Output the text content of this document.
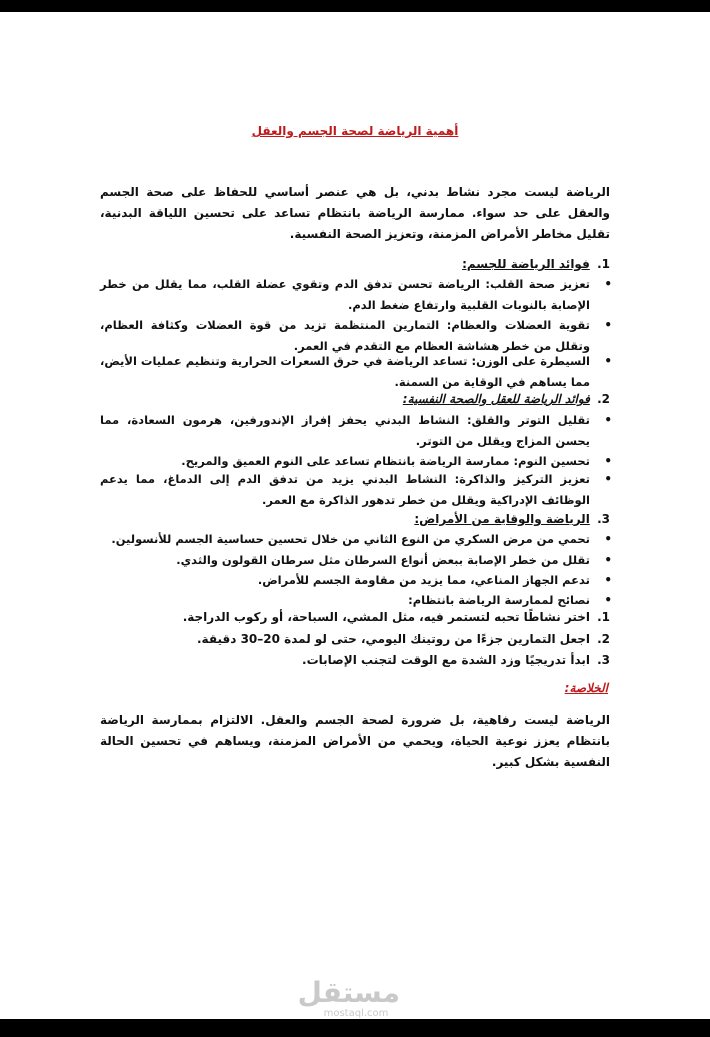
أهمية الرياضة لصحة الجسم والعقل
الرياضة ليست مجرد نشاط بدني، بل هي عنصر أساسي للحفاظ على صحة الجسم والعقل على حد سواء. ممارسة الرياضة بانتظام تساعد على تحسين اللياقة البدنية، تقليل مخاطر الأمراض المزمنة، وتعزيز الصحة النفسية.
1. فوائد الرياضة للجسم:
•
تعزيز صحة القلب: الرياضة تحسن تدفق الدم وتقوي عضلة القلب، مما يقلل من خطر الإصابة بالنوبات القلبية وارتفاع ضغط الدم.
•
تقوية العضلات والعظام: التمارين المنتظمة تزيد من قوة العضلات وكثافة العظام، وتقلل من خطر هشاشة العظام مع التقدم في العمر.
•
السيطرة على الوزن: تساعد الرياضة في حرق السعرات الحرارية وتنظيم عمليات الأيض، مما يساهم في الوقاية من السمنة.
2. فوائد الرياضة للعقل والصحة النفسية:
•
تقليل التوتر والقلق: النشاط البدني يحفز إفراز الإندورفين، هرمون السعادة، مما يحسن المزاج ويقلل من التوتر.
•
تحسين النوم: ممارسة الرياضة بانتظام تساعد على النوم العميق والمريح.
•
تعزيز التركيز والذاكرة: النشاط البدني يزيد من تدفق الدم إلى الدماغ، مما يدعم الوظائف الإدراكية ويقلل من خطر تدهور الذاكرة مع العمر.
3. الرياضة والوقاية من الأمراض:
•
تحمي من مرض السكري من النوع الثاني من خلال تحسين حساسية الجسم للأنسولين.
•
تقلل من خطر الإصابة ببعض أنواع السرطان مثل سرطان القولون والثدي.
•
تدعم الجهاز المناعي، مما يزيد من مقاومة الجسم للأمراض.
•
نصائح لممارسة الرياضة بانتظام:
1.اختر نشاطًا تحبه لتستمر فيه، مثل المشي، السباحة، أو ركوب الدراجة.
2.اجعل التمارين جزءًا من روتينك اليومي، حتى لو لمدة 20–30 دقيقة.
3.ابدأ تدريجيًا وزد الشدة مع الوقت لتجنب الإصابات.
الخلاصة:
الرياضة ليست رفاهية، بل ضرورة لصحة الجسم والعقل. الالتزام بممارسة الرياضة بانتظام يعزز نوعية الحياة، ويحمي من الأمراض المزمنة، ويساهم في تحسين الحالة النفسية بشكل كبير.
مستقل
mostaql.com
